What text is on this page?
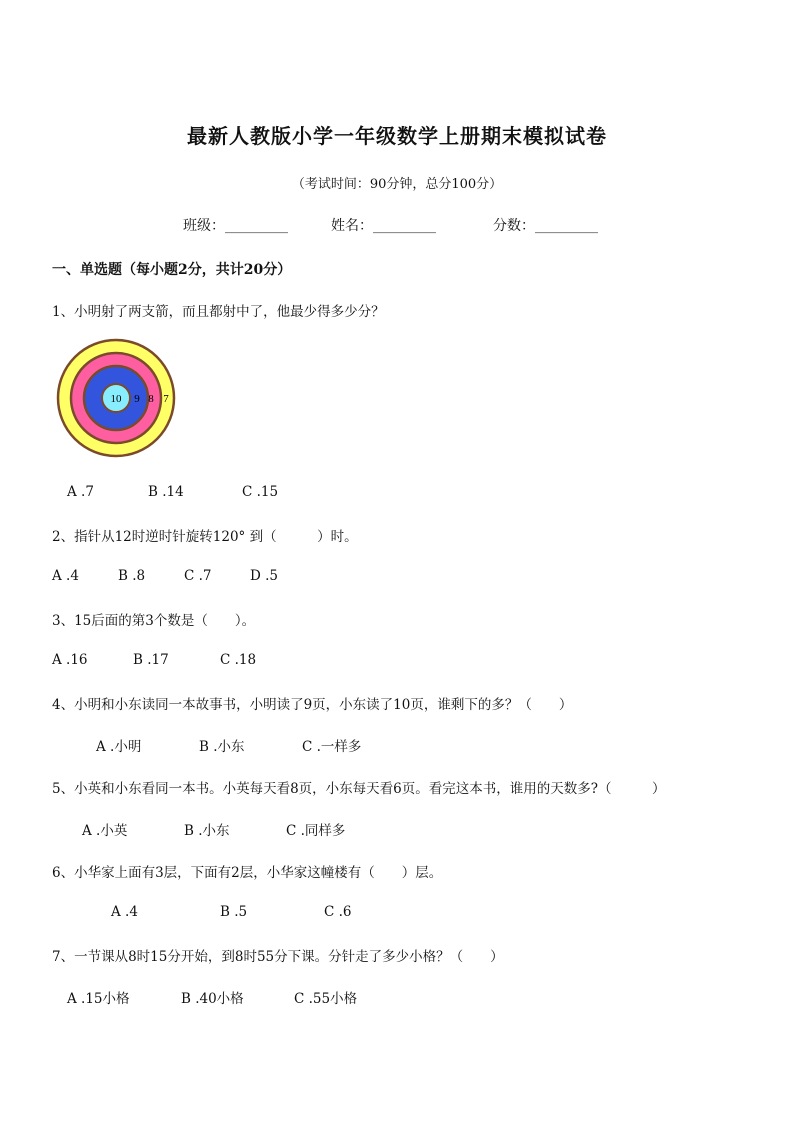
最新人教版小学一年级数学上册期末模拟试卷
（考试时间：90分钟，总分100分）
班级：_________	姓名：_________	分数：_________
一、单选题（每小题2分，共计20分）
1、小明射了两支箭，而且都射中了，他最少得多少分？
10 9 8 7
A .7	B .14	C .15
2、指针从12时逆时针旋转120° 到（　　　）时。
A .4	B .8	C .7	D .5
3、15后面的第3个数是（　　）。
A .16	B .17	C .18
4、小明和小东读同一本故事书，小明读了9页，小东读了10页，谁剩下的多？（　　）
A .小明	B .小东	C .一样多
5、小英和小东看同一本书。小英每天看8页，小东每天看6页。看完这本书，谁用的天数多?（　　　）
A .小英	B .小东	C .同样多
6、小华家上面有3层，下面有2层，小华家这幢楼有（　　）层。
A .4	B .5	C .6
7、一节课从8时15分开始，到8时55分下课。分针走了多少小格？（　　）
A .15小格	B .40小格	C .55小格
